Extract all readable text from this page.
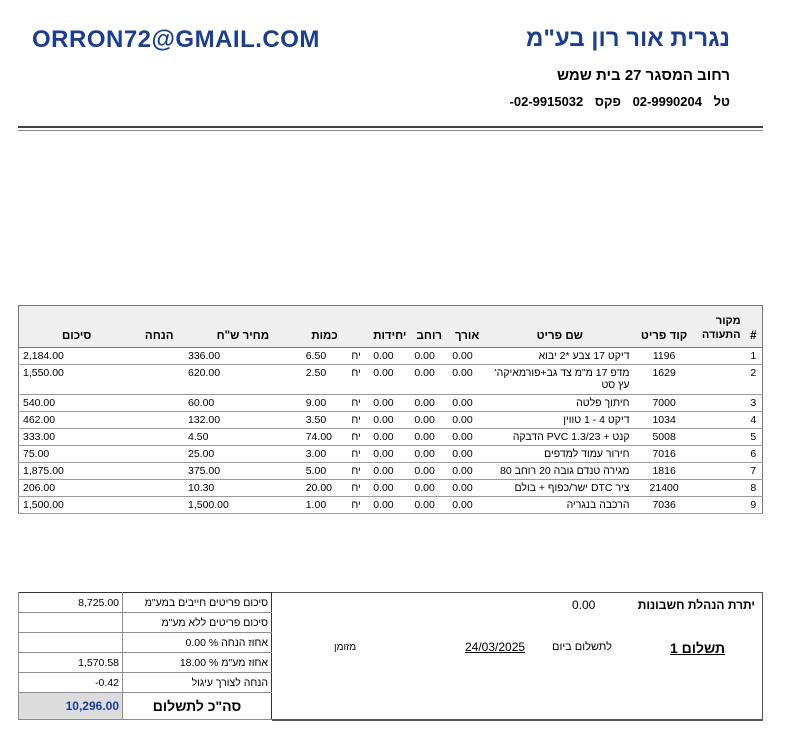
ORRON72@GMAIL.COM	נגרית אור רון בע"מ
רחוב המסגר 27 בית שמש
טל 02-9990204 פקס 02-9915032-
#	מקור התעודה	קוד פריט	שם פריט	אורך	רוחב	יחידות		כמות	מחיר ש"ח	הנחה	סיכום
1		1196	דיקט 17 צבע *2 יבוא	0.00	0.00	0.00	יח	6.50	336.00		2,184.00
2		1629	מדפ 17 מ"מ צד גב+פורמאיקה' עץ סט	0.00	0.00	0.00	יח	2.50	620.00		1,550.00
3		7000	חיתוך פלטה	0.00	0.00	0.00	יח	9.00	60.00		540.00
4		1034	דיקט 4 - 1 טווין	0.00	0.00	0.00	יח	3.50	132.00		462.00
5		5008	קנט + PVC 1.3/23 הדבקה	0.00	0.00	0.00	יח	74.00	4.50		333.00
6		7016	חירור עמוד למדפים	0.00	0.00	0.00	יח	3.00	25.00		75.00
7		1816	מגירה טנדם גובה 20 רוחב 80	0.00	0.00	0.00	יח	5.00	375.00		1,875.00
8		21400	ציר DTC ישר/כפוף + בולם	0.00	0.00	0.00	יח	20.00	10.30		206.00
9		7036	הרכבה בנגריה	0.00	0.00	0.00	יח	1.00	1,500.00		1,500.00
8,725.00	סיכום פריטים חייבים במע"מ
	סיכום פריטים ללא מע"מ
	אחוז הנחה % 0.00
1,570.58	אחוז מע"מ % 18.00
-0.42	הנחה לצורך עיגול
10,296.00	סה"כ לתשלום
יתרת הנהלת חשבונות
0.00
תשלום 1
לתשלום ביום
24/03/2025
מזומן
